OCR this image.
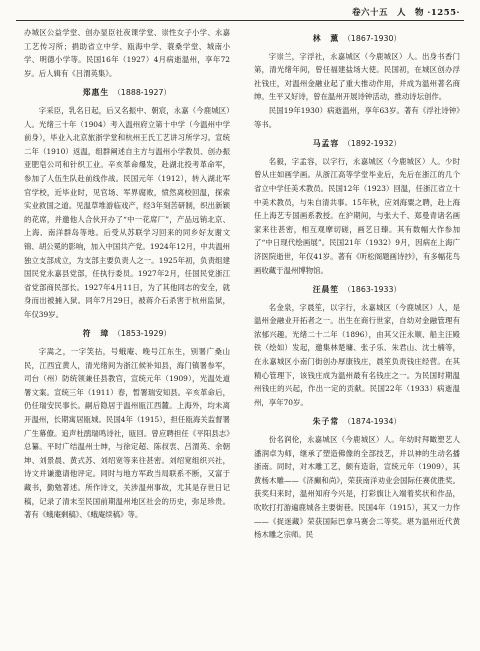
卷六十五　人　物 ·1255·

办城区公益学堂、创办显臣社夜课学堂、崇性女子小学、永嘉工艺传习所；捐助省立中学、瓯海中学、蓑桑学堂、城南小学、明德小学等。民国16年（1927）4月病逝温州，享年72岁。后人辑有《吕渭英集》。

郑惠生 （1888-1927）

字采臣，乳名日起，后又名振中、朝宸，永嘉（今鹿城区）人。光绪三十年（1904）考入温州府立第十中学（今温州中学前身），毕业入北京旅浙学堂和杭州王氏工艺讲习所学习。宣统二年（1910）返温，组群阐述自主方与温州小学教员、创办振亚肥皂公司和针织工业。辛亥革命爆发，赴湖北投考革命军，参加了人伍生队赴前线作战。民国元年（1912），转入湖北军官学校，近毕业时，见官场、军界腐败，愤然离校回温，探索实业救国之道。见温草堆游临戏产，经3年刻苦研制，织出新颖的花席，并邀他人合伙开办了“中一花席厂”，产品远销北京、上海、南洋群岛等地。后受从苏联学习回来的同乡好友谢文锦、胡公冕的影响，加入中国共产党。1924年12月，中共温州独立支部成立，为支部主要负责人之一。1925年初，负责组建国民党永嘉县党部，任执行委员。1927年2月，任国民党浙江省党部商民部长。1927年4月11日，为了其他同志的安全，就身而出被捕入狱。同年7月29日，被蒋介石杀害于杭州监狱，年仅39岁。

符　璋 （1853-1929）

字嵩之，一字笑拈，号蛾庵、晚号江东生，别署广桑山民，江西宜黄人，清光绪间为浙江候补知县，海门镇署参军，司台（州）防统领兼任县教官，宣统元年（1909），光温处道署文案。宣统三年（1911）春，暂署瑞安知县。辛亥革命后，仍任瑞安民事长。嗣后隐居于温州瓯江西麓。上海外，均未离开温州，长期寓居瓯城。民国4年（1915），担任瓯海关监督署广生幕僚。追声杜鹃瑞鸣诗社，瓯回。曾应聘担任《平阳县志》总纂。平时广结温州士绅，与徐定超、陈叔衷、吕渭英、余朝坤、刘景晨、黄式苏、刘绍宽等来往甚密。刘绍宽组织兴社，诗文并谦邀请他评定。同时与地方军政当局联系不断，又富于藏书，勤勉著述。所作诗文，关涉温州事故，尤其是存世日记稿，记录了清末至民国前期温州地区社会的历史，弥足珍贵。著有《蛾庵剩稿》、《蛾庵续稿》等。

林　薰 （1867-1930）

字崇兰，字浮社，永嘉城区（今鹿城区）人。出身书香门第，清光绪年间，曾任福建盐场大使。民国初，在城区创办浮社钱庄，对温州金融业起了重大推动作用，并成为温州著名商绅。生平又好诗，曾在温州开展诗钟活动，推动诗坛创作。

民国19年1930）病逝温州，享年63岁。著有《浮社诗钟》等书。

马孟容 （1892-1932）

名毅，字孟容，以字行，永嘉城区（今鹿城区）人。少时曾从庄如画学画。从浙江高等学堂毕业后，先后在浙江的几个省立中学任美术教员。民国12年（1923）回温，任浙江省立十中美术教员，与朱自清共事。15年秋，应刘海粟之聘，赴上海任上海艺专国画系教授。在沪期间，与张大千、郑曼青诸名画家来往甚密，相互观摩切磋，画艺日臻。其有数幅大作参加了“中日现代绘画展”。民国21年（1932）9月，因病在上海广济医院逝世，年仅41岁。著有《听松阁题画诗抄》，有多幅花鸟画收藏于温州博物馆。

汪晨笙 （1863-1933）

名金泉，字晨笙，以字行，永嘉城区（今鹿城区）人，是温州金融业开拓者之一。出生在商行世家，自幼对金融管理有浓郁兴趣。光绪二十二年（1896），由其父汪永顺、船主汪殿铁（绘如）发起，邀集林楚墉、张子乐、朱君山、沈士楠等，在永嘉城区小南门街创办厚康钱庄，晨笙负责钱庄经营。在其精心管理下，该钱庄成为温州最有名钱庄之一。为民国时期温州钱庄的兴起，作出一定的贡献。民国22年（1933）病逝温州，享年70岁。

朱子常 （1874-1934）

份名润伦，永嘉城区（今鹿城区）人。年幼时拜瞰塑艺人潘润卓为师，继承了塑造佛像的全部技艺，并以神的生动名播浙南。同时，对木雕工艺，颇有造诣，宣统元年（1909），其黄杨木雕——《济癫和尚》，荣获南洋劝业会国际任赛优胜奖。获奖归来时，温州知府今兴是，打彩旗让入端着奖状和作品，吹吹打打游遍鹿城各主要街巷。民国4年（1915），其又一力作——《捉迷藏》荣获国际巴拿马赛会二等奖。堪为温州近代黄杨木雕之宗师。民
